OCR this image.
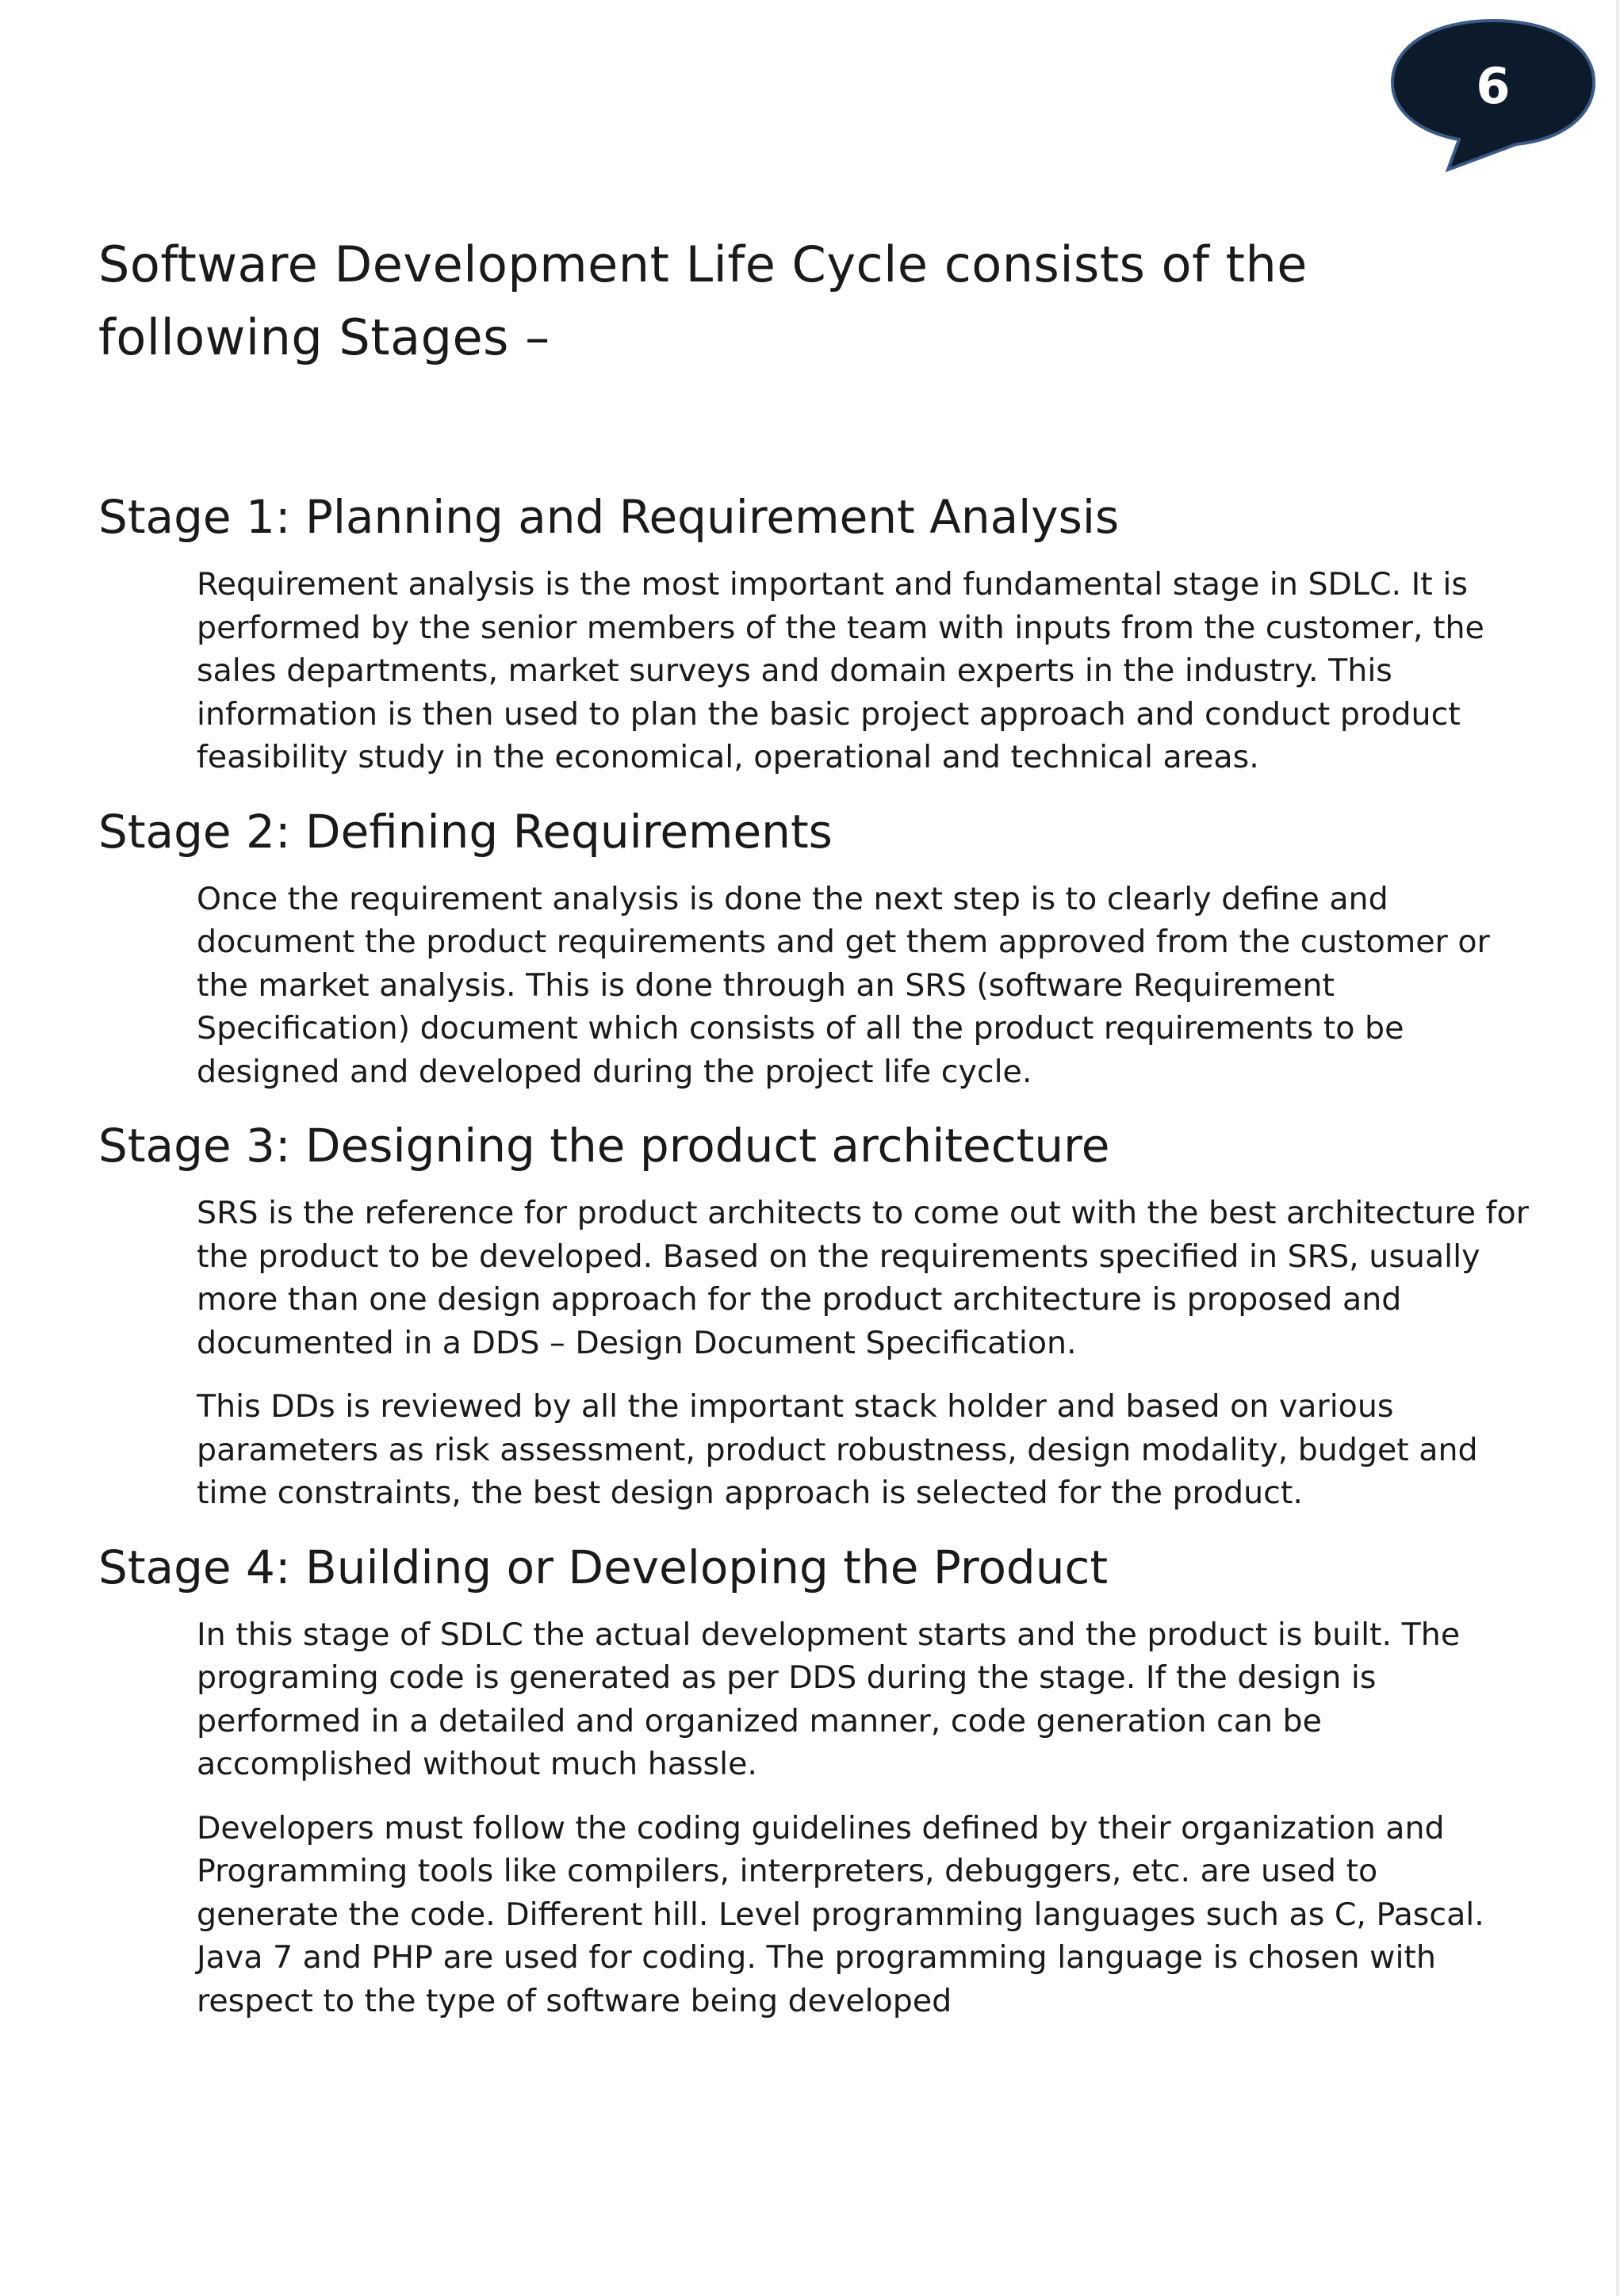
6
Software Development Life Cycle consists of the following Stages –
Stage 1: Planning and Requirement Analysis

Requirement analysis is the most important and fundamental stage in SDLC. It is performed by the senior members of the team with inputs from the customer, the sales departments, market surveys and domain experts in the industry. This information is then used to plan the basic project approach and conduct product feasibility study in the economical, operational and technical areas.

Stage 2: Defining Requirements

Once the requirement analysis is done the next step is to clearly define and document the product requirements and get them approved from the customer or the market analysis. This is done through an SRS (software Requirement Specification) document which consists of all the product requirements to be designed and developed during the project life cycle.

Stage 3: Designing the product architecture

SRS is the reference for product architects to come out with the best architecture for the product to be developed. Based on the requirements specified in SRS, usually more than one design approach for the product architecture is proposed and documented in a DDS – Design Document Specification.

This DDs is reviewed by all the important stack holder and based on various parameters as risk assessment, product robustness, design modality, budget and time constraints, the best design approach is selected for the product.

Stage 4: Building or Developing the Product

In this stage of SDLC the actual development starts and the product is built. The programing code is generated as per DDS during the stage. If the design is performed in a detailed and organized manner, code generation can be accomplished without much hassle.

Developers must follow the coding guidelines defined by their organization and Programming tools like compilers, interpreters, debuggers, etc. are used to generate the code. Different hill. Level programming languages such as C, Pascal. Java 7 and PHP are used for coding. The programming language is chosen with respect to the type of software being developed
